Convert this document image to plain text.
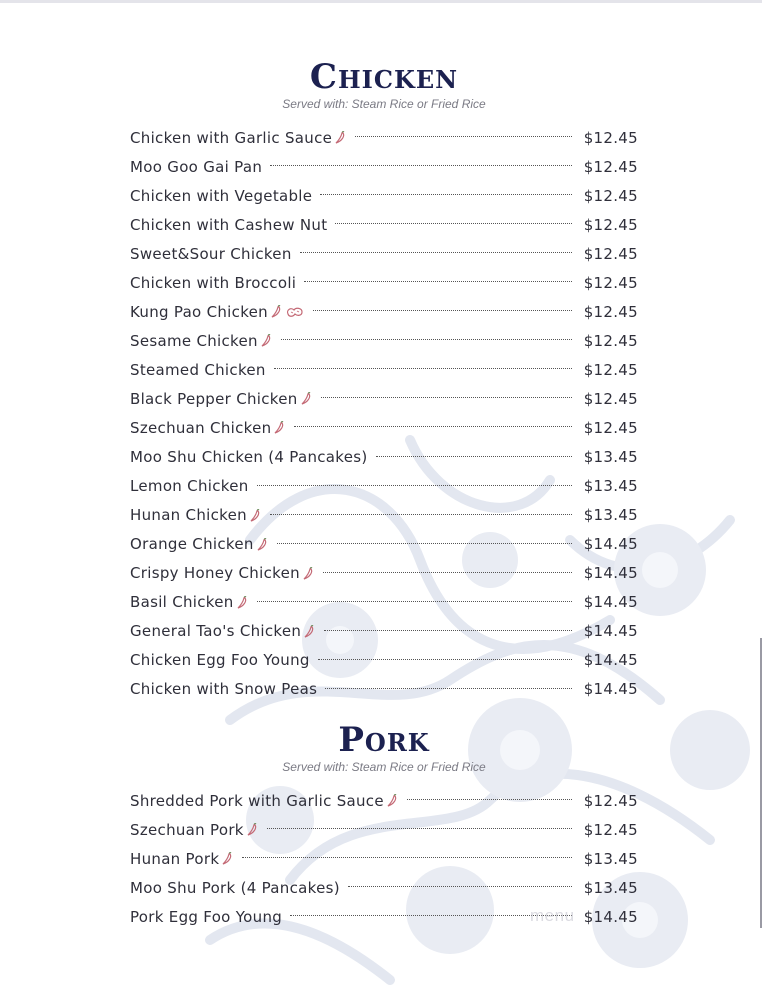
Chicken

Served with: Steam Rice or Fried Rice

Chicken with Garlic Sauce	$12.45
Moo Goo Gai Pan	$12.45
Chicken with Vegetable	$12.45
Chicken with Cashew Nut	$12.45
Sweet&Sour Chicken	$12.45
Chicken with Broccoli	$12.45
Kung Pao Chicken	$12.45
Sesame Chicken	$12.45
Steamed Chicken	$12.45
Black Pepper Chicken	$12.45
Szechuan Chicken	$12.45
Moo Shu Chicken (4 Pancakes)	$13.45
Lemon Chicken	$13.45
Hunan Chicken	$13.45
Orange Chicken	$14.45
Crispy Honey Chicken	$14.45
Basil Chicken	$14.45
General Tao's Chicken	$14.45
Chicken Egg Foo Young	$14.45
Chicken with Snow Peas	$14.45
Pork

Served with: Steam Rice or Fried Rice

Shredded Pork with Garlic Sauce	$12.45
Szechuan Pork	$12.45
Hunan Pork	$13.45
Moo Shu Pork (4 Pancakes)	$13.45
Pork Egg Foo Young	$14.45
menu
